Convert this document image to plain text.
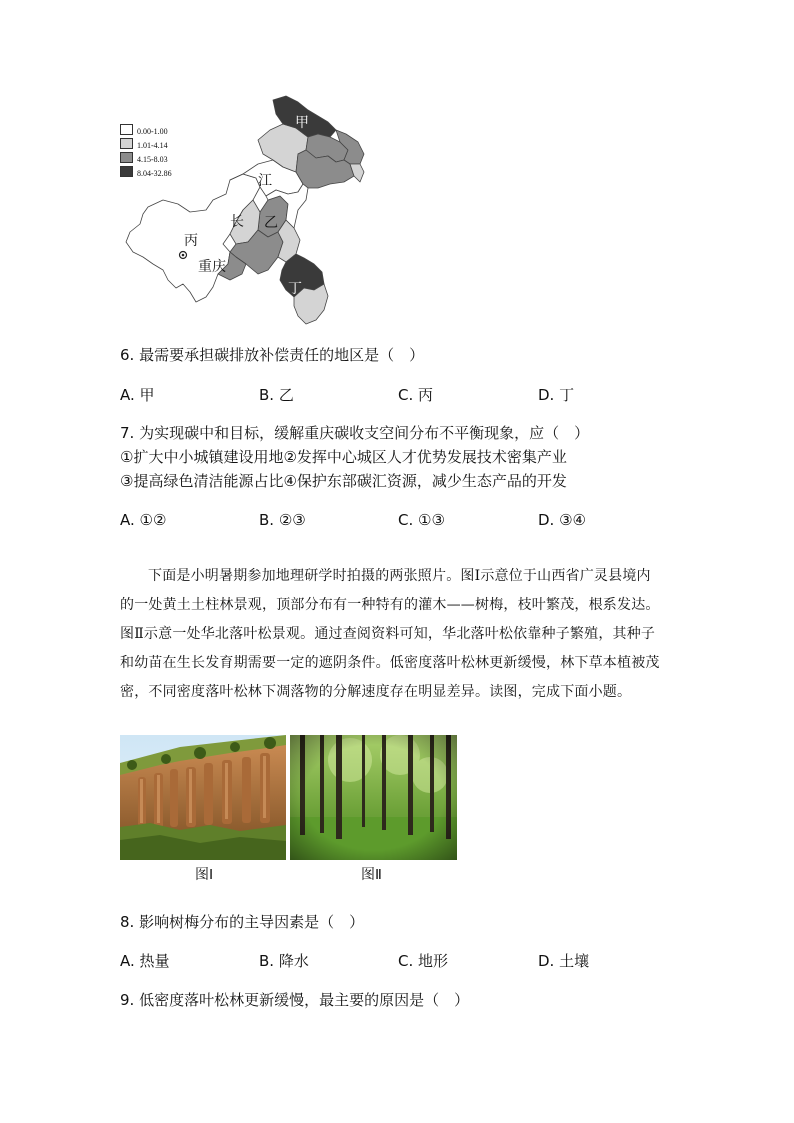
0.00-1.00
1.01-4.14
4.15-8.03
8.04-32.86
甲
江
长 乙
丙
重庆
丁
6. 最需要承担碳排放补偿责任的地区是（　）
A. 甲	B. 乙	C. 丙	D. 丁
7. 为实现碳中和目标，缓解重庆碳收支空间分布不平衡现象，应（　）
①扩大中小城镇建设用地②发挥中心城区人才优势发展技术密集产业
③提高绿色清洁能源占比④保护东部碳汇资源，减少生态产品的开发
A. ①②	B. ②③	C. ①③	D. ③④
下面是小明暑期参加地理研学时拍摄的两张照片。图Ⅰ示意位于山西省广灵县境内的一处黄土土柱林景观，顶部分布有一种特有的灌木——树梅，枝叶繁茂，根系发达。图Ⅱ示意一处华北落叶松景观。通过查阅资料可知，华北落叶松依靠种子繁殖，其种子和幼苗在生长发育期需要一定的遮阴条件。低密度落叶松林更新缓慢，林下草本植被茂密，不同密度落叶松林下凋落物的分解速度存在明显差异。读图，完成下面小题。
图Ⅰ	图Ⅱ
8. 影响树梅分布的主导因素是（　）
A. 热量	B. 降水	C. 地形	D. 土壤
9. 低密度落叶松林更新缓慢，最主要的原因是（　）
